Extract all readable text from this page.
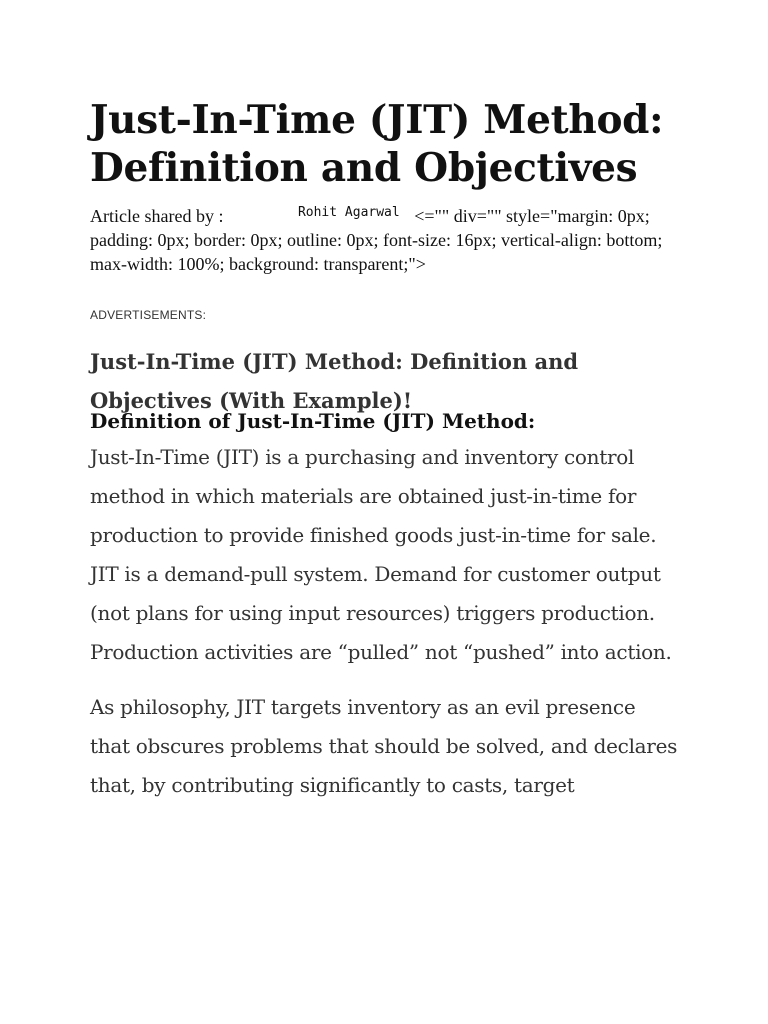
Just-In-Time (JIT) Method: Definition and Objectives

Article shared by :	Rohit Agarwal <="" div="" style="margin: 0px; padding: 0px; border: 0px; outline: 0px; font-size: 16px; vertical-align: bottom; max-width: 100%; background: transparent;">

ADVERTISEMENTS:
Just-In-Time (JIT) Method: Definition and Objectives (With Example)!
Definition of Just-In-Time (JIT) Method:

Just-In-Time (JIT) is a purchasing and inventory control method in which materials are obtained just-in-time for production to provide finished goods just-in-time for sale. JIT is a demand-pull system. Demand for customer output (not plans for using input resources) triggers production. Production activities are “pulled” not “pushed” into action.

As philosophy, JIT targets inventory as an evil presence that obscures problems that should be solved, and declares that, by contributing significantly to casts, target
